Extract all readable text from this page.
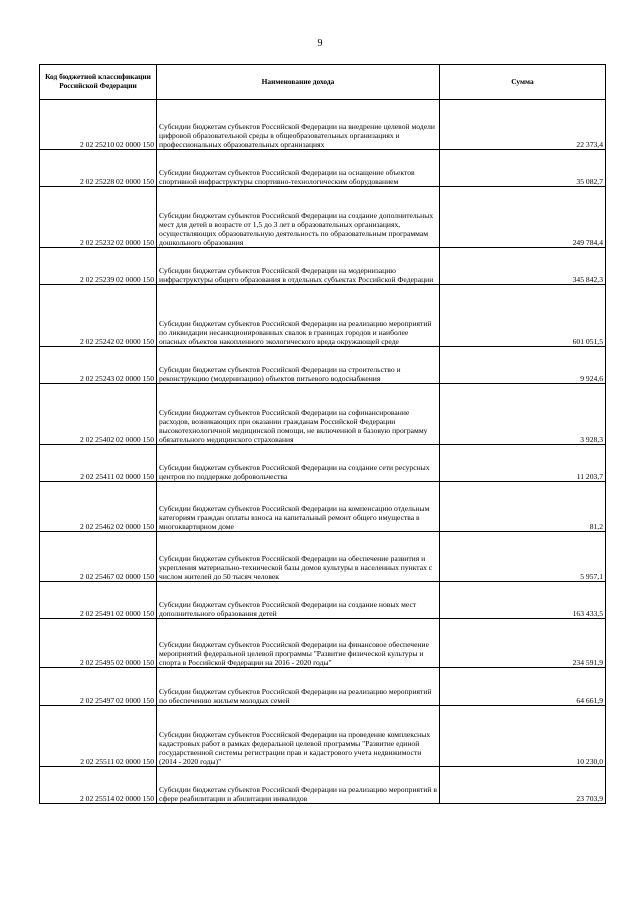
9
Код бюджетной классификации Российской Федерации	Наименование дохода	Сумма
2 02 25210 02 0000 150	Субсидии бюджетам субъектов Российской Федерации на внедрение целевой модели цифровой образовательной среды в общеобразовательных организациях и профессиональных образовательных организациях	22 373,4
2 02 25228 02 0000 150	Субсидии бюджетам субъектов Российской Федерации на оснащение объектов спортивной инфраструктуры спортивно-технологическим оборудованием	35 082,7
2 02 25232 02 0000 150	Субсидии бюджетам субъектов Российской Федерации на создание дополнительных мест для детей в возрасте от 1,5 до 3 лет в образовательных организациях, осуществляющих образовательную деятельность по образовательным программам дошкольного образования	249 784,4
2 02 25239 02 0000 150	Субсидии бюджетам субъектов Российской Федерации на модернизацию инфраструктуры общего образования в отдельных субъектах Российской Федерации	345 842,3
2 02 25242 02 0000 150	Субсидии бюджетам субъектов Российской Федерации на реализацию мероприятий по ликвидации несанкционированных свалок в границах городов и наиболее опасных объектов накопленного экологического вреда окружающей среде	601 051,5
2 02 25243 02 0000 150	Субсидии бюджетам субъектов Российской Федерации на строительство и реконструкцию (модернизацию) объектов питьевого водоснабжения	9 924,6
2 02 25402 02 0000 150	Субсидии бюджетам субъектов Российской Федерации на софинансирование расходов, возникающих при оказании гражданам Российской Федерации высокотехнологичной медицинской помощи, не включенной в базовую программу обязательного медицинского страхования	3 928,3
2 02 25411 02 0000 150	Субсидии бюджетам субъектов Российской Федерации на создание сети ресурсных центров по поддержке добровольчества	11 203,7
2 02 25462 02 0000 150	Субсидии бюджетам субъектов Российской Федерации на компенсацию отдельным категориям граждан оплаты взноса на капитальный ремонт общего имущества в многоквартирном доме	81,2
2 02 25467 02 0000 150	Субсидии бюджетам субъектов Российской Федерации на обеспечение развития и укрепления материально-технической базы домов культуры в населенных пунктах с числом жителей до 50 тысяч человек	5 957,1
2 02 25491 02 0000 150	Субсидии бюджетам субъектов Российской Федерации на создание новых мест дополнительного образования детей	163 433,5
2 02 25495 02 0000 150	Субсидии бюджетам субъектов Российской Федерации на финансовое обеспечение мероприятий федеральной целевой программы "Развитие физической культуры и спорта в Российской Федерации на 2016 - 2020 годы"	234 591,9
2 02 25497 02 0000 150	Субсидии бюджетам субъектов Российской Федерации на реализацию мероприятий по обеспечению жильем молодых семей	64 661,9
2 02 25511 02 0000 150	Субсидии бюджетам субъектов Российской Федерации на проведение комплексных кадастровых работ в рамках федеральной целевой программы "Развитие единой государственной системы регистрации прав и кадастрового учета недвижимости (2014 - 2020 годы)"	10 230,0
2 02 25514 02 0000 150	Субсидии бюджетам субъектов Российской Федерации на реализацию мероприятий в сфере реабилитации и абилитации инвалидов	23 703,9
